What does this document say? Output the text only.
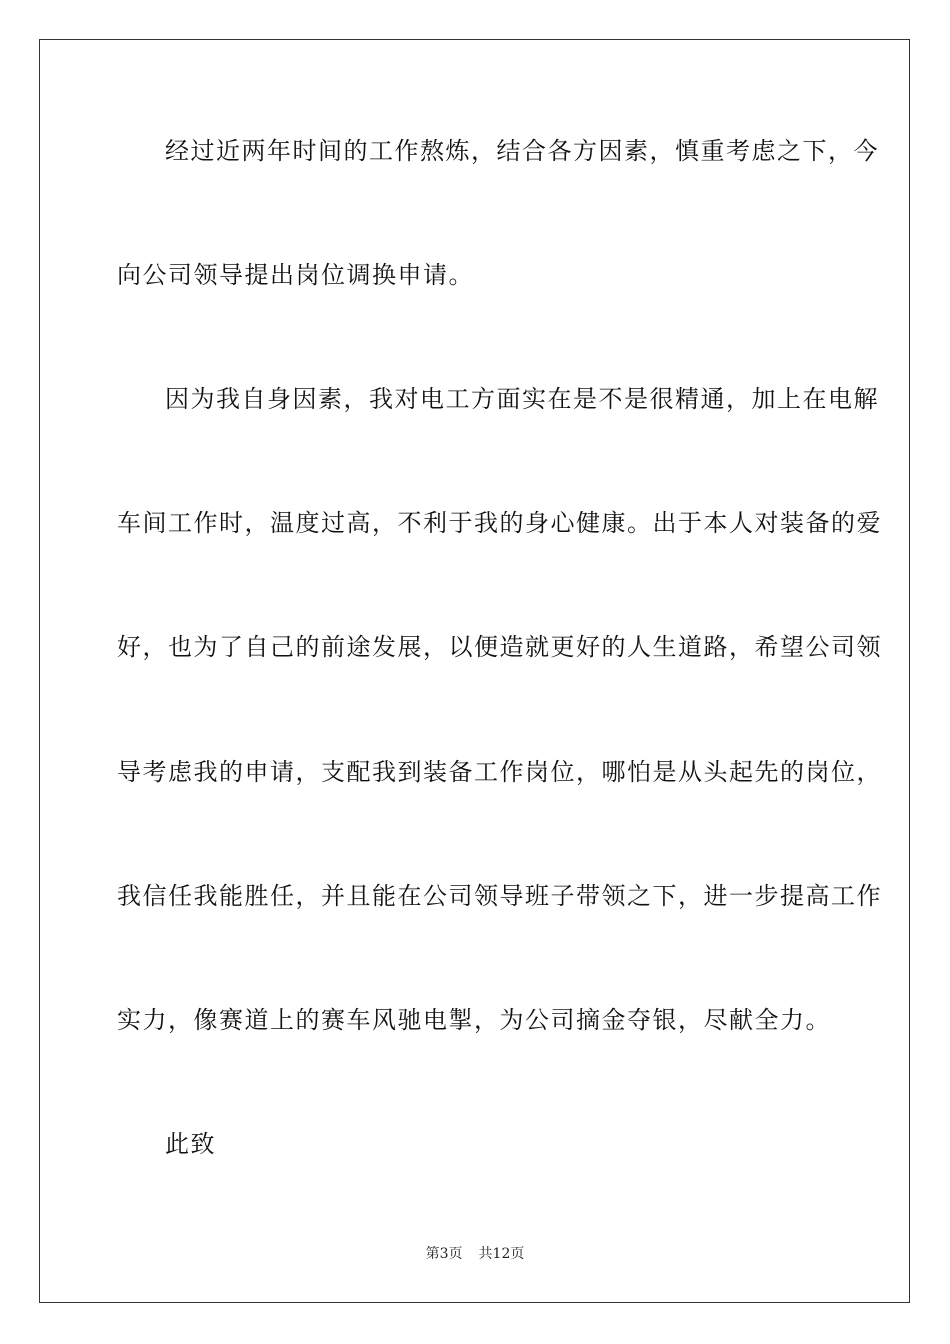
经过近两年时间的工作熬炼，结合各方因素，慎重考虑之下，今
向公司领导提出岗位调换申请。
因为我自身因素，我对电工方面实在是不是很精通，加上在电解
车间工作时，温度过高，不利于我的身心健康。出于本人对装备的爱
好，也为了自己的前途发展，以便造就更好的人生道路，希望公司领
导考虑我的申请，支配我到装备工作岗位，哪怕是从头起先的岗位，
我信任我能胜任，并且能在公司领导班子带领之下，进一步提高工作
实力，像赛道上的赛车风驰电掣，为公司摘金夺银，尽献全力。
此致
第3页 共12页
